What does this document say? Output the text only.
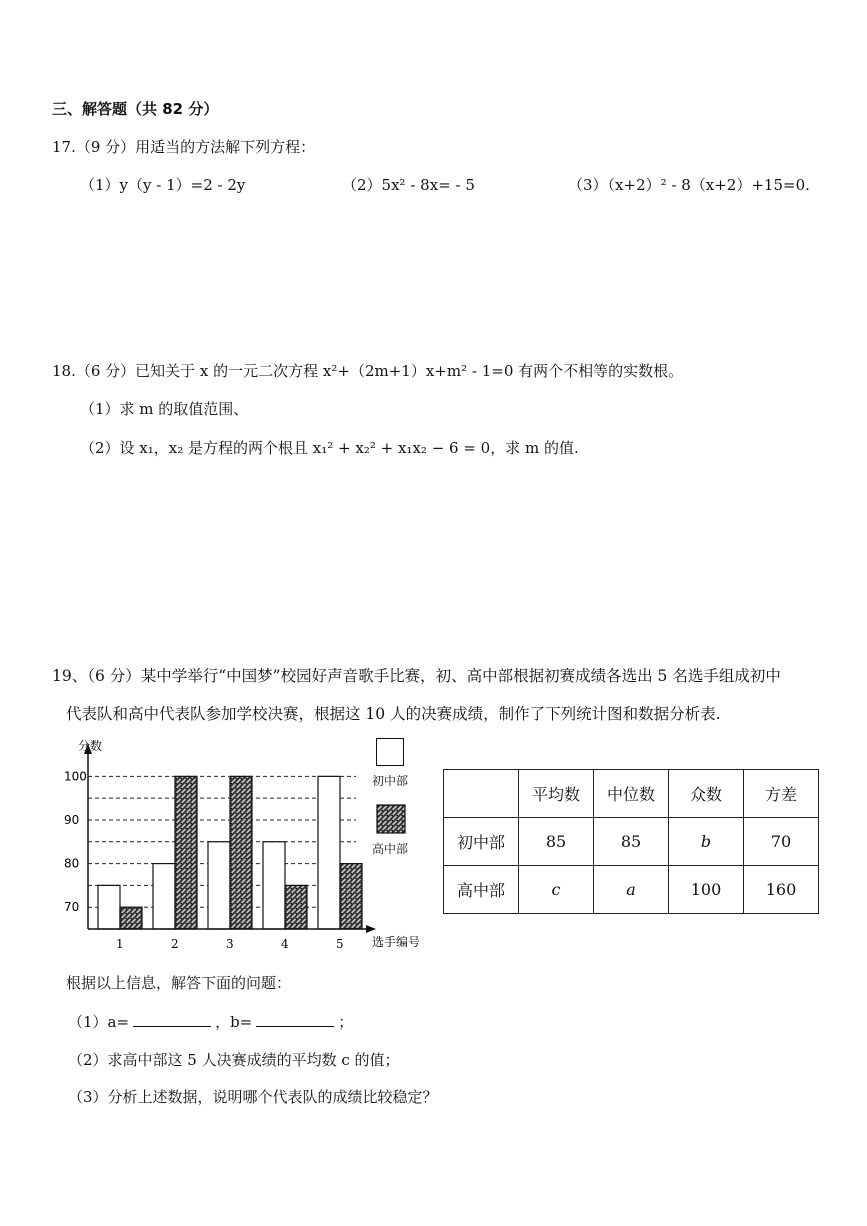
三、解答题（共 82 分）
17.（9 分）用适当的方法解下列方程：
（1）y（y - 1）=2 - 2y	（2）5x² - 8x= - 5	（3）（x+2）² - 8（x+2）+15=0.
18.（6 分）已知关于 x 的一元二次方程 x²+（2m+1）x+m² - 1=0 有两个不相等的实数根。
（1）求 m 的取值范围、
（2）设 x₁，x₂ 是方程的两个根且 x₁² + x₂² + x₁x₂ − 6 = 0，求 m 的值.
19、（6 分）某中学举行“中国梦”校园好声音歌手比赛，初、高中部根据初赛成绩各选出 5 名选手组成初中
代表队和高中代表队参加学校决赛，根据这 10 人的决赛成绩，制作了下列统计图和数据分析表.
分数
选手编号
70
80
90
100
1	2	3	4	5
初中部
高中部
	平均数	中位数	众数	方差
初中部	85	85	b	70
高中部	c	a	100	160
根据以上信息，解答下面的问题：
（1）a=	，b=	；
（2）求高中部这 5 人决赛成绩的平均数 c 的值；
（3）分析上述数据，说明哪个代表队的成绩比较稳定？
